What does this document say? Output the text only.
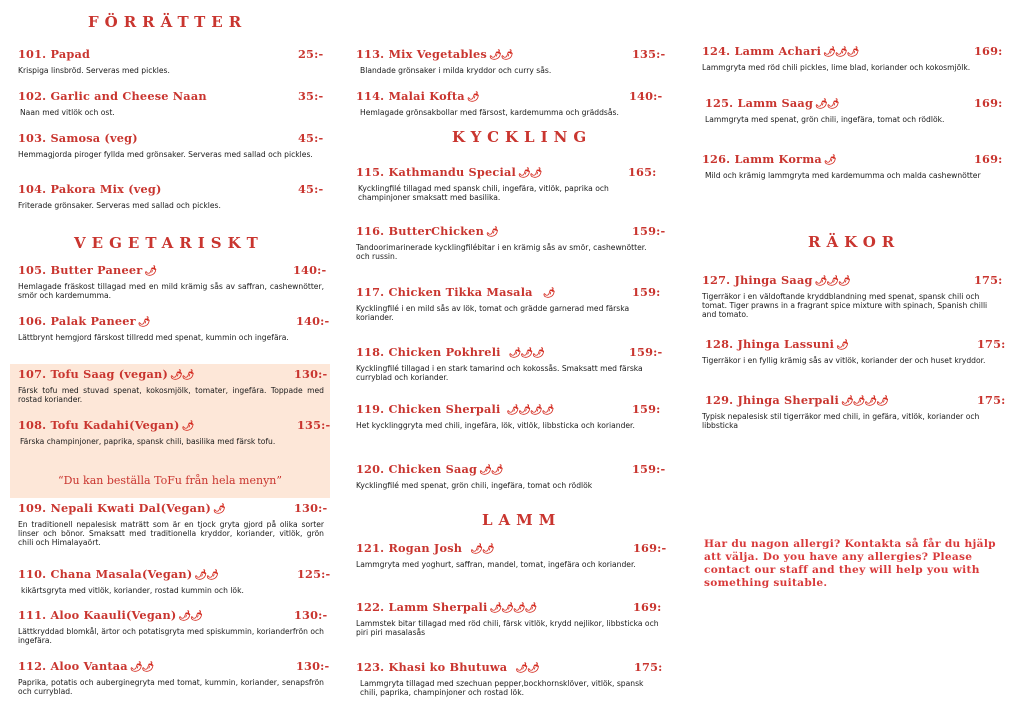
FÖRRÄTTER
101. Papad	25:-
Krispiga linsbröd. Serveras med pickles.
102. Garlic and Cheese Naan	35:-
Naan med vitlök och ost.
103. Samosa (veg)	45:-
Hemmagjorda piroger fyllda med grönsaker. Serveras med sallad och pickles.
104. Pakora Mix (veg)	45:-
Friterade grönsaker. Serveras med sallad och pickles.
VEGETARISKT
105. Butter Paneer 🌶	140:-
Hemlagade fräskost tillagad med en mild krämig sås av saffran, cashewnötter, smör och kardemumma.
106. Palak Paneer 🌶	140:-
Lättbrynt hemgjord färskost tillredd med spenat, kummin och ingefära.
107. Tofu Saag (vegan) 🌶🌶	130:-
Färsk tofu med stuvad spenat, kokosmjölk, tomater, ingefära. Toppade med rostad koriander.
108. Tofu Kadahi(Vegan) 🌶	135:-
Färska champinjoner, paprika, spansk chili, basilika med färsk tofu.
109. Nepali Kwati Dal(Vegan) 🌶	130:-
En traditionell nepalesisk maträtt som är en tjock gryta gjord på olika sorter linser och bönor. Smaksatt med traditionella kryddor, koriander, vitlök, grön chili och Himalayaört.
110. Chana Masala(Vegan) 🌶🌶	125:-
kikärtsgryta med vitlök, koriander, rostad kummin och lök.
111. Aloo Kaauli(Vegan) 🌶🌶	130:-
Lättkryddad blomkål, ärtor och potatisgryta med spiskummin, korianderfrön och ingefära.
112. Aloo Vantaa 🌶🌶	130:-
Paprika, potatis och auberginegryta med tomat, kummin, koriander, senapsfrön och curryblad.
“Du kan beställa ToFu från hela menyn”
113. Mix Vegetables 🌶🌶	135:-
Blandade grönsaker i milda kryddor och curry sås.
114. Malai Kofta 🌶	140:-
Hemlagade grönsakbollar med färsost, kardemumma och gräddsås.
KYCKLING
115. Kathmandu Special 🌶🌶	165:
Kycklingfilé tillagad med spansk chili, ingefära, vitlök, paprika och champinjoner smaksatt med basilika.
116. ButterChicken 🌶	159:-
Tandoorimarinerade kycklingfilébitar i en krämig sås av smör, cashewnötter. och russin.
117. Chicken Tikka Masala 🌶	159:
Kycklingfilé i en mild sås av lök, tomat och grädde garnerad med färska koriander.
118. Chicken Pokhreli 🌶🌶🌶	159:-
Kycklingfilé tillagad i en stark tamarind och kokossås. Smaksatt med färska curryblad och koriander.
119. Chicken Sherpali 🌶🌶🌶🌶	159:
Het kycklinggryta med chili, ingefära, lök, vitlök, libbsticka och koriander.
120. Chicken Saag 🌶🌶	159:-
Kycklingfilé med spenat, grön chili, ingefära, tomat och rödlök
LAMM
121. Rogan Josh 🌶🌶	169:-
Lammgryta med yoghurt, saffran, mandel, tomat, ingefära och koriander.
122. Lamm Sherpali 🌶🌶🌶🌶	169:
Lammstek bitar tillagad med röd chili, färsk vitlök, krydd nejlikor, libbsticka och piri piri masalasås
123. Khasi ko Bhutuwa 🌶🌶	175:
Lammgryta tillagad med szechuan pepper,bockhornsklöver, vitlök, spansk chili, paprika, champinjoner och rostad lök.
124. Lamm Achari 🌶🌶🌶	169:
Lammgryta med röd chili pickles, lime blad, koriander och kokosmjölk.
125. Lamm Saag 🌶🌶	169:
Lammgryta med spenat, grön chili, ingefära, tomat och rödlök.
126. Lamm Korma 🌶	169:
Mild och krämig lammgryta med kardemumma och malda cashewnötter
RÄKOR
127. Jhinga Saag 🌶🌶🌶	175:
Tigerräkor i en väldoftande kryddblandning med spenat, spansk chili och tomat. Tiger prawns in a fragrant spice mixture with spinach, Spanish chilli and tomato.
128. Jhinga Lassuni 🌶	175:
Tigerräkor i en fyllig krämig sås av vitlök, koriander der och huset kryddor.
129. Jhinga Sherpali 🌶🌶🌶🌶	175:
Typisk nepalesisk stil tigerräkor med chili, in gefära, vitlök, koriander och libbsticka
Har du nagon allergi? Kontakta så får du hjälp att välja. Do you have any allergies? Please contact our staff and they will help you with something suitable.
